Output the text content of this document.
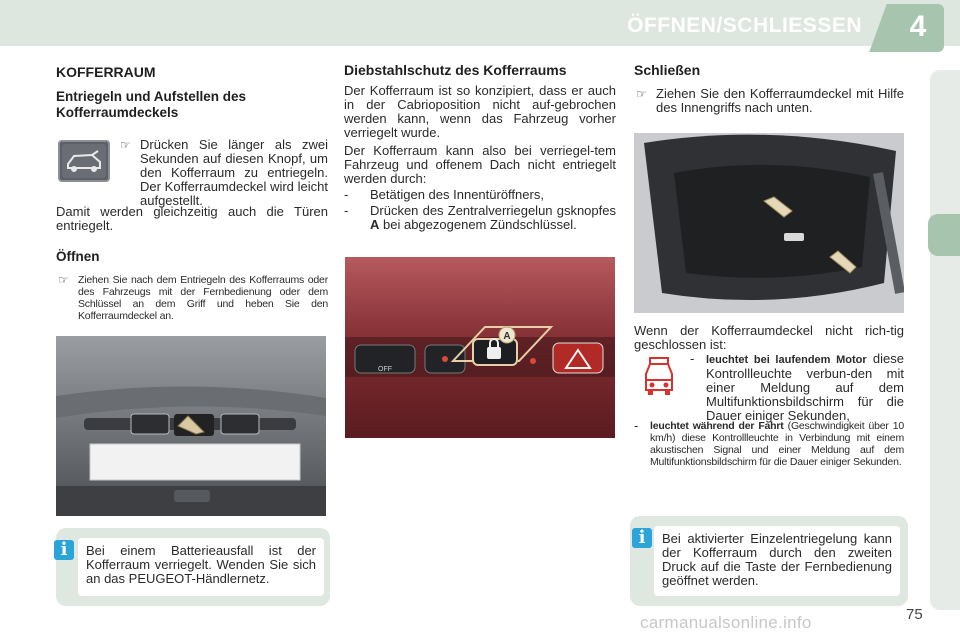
ÖFFNEN/SCHLIESSEN	4
KOFFERRAUM
Entriegeln und Aufstellen des Kofferraumdeckels

☞ Drücken Sie länger als zwei Sekunden auf diesen Knopf, um den Kofferraum zu entriegeln. Der Kofferraumdeckel wird leicht aufgestellt.

Damit werden gleichzeitig auch die Türen entriegelt.

Öffnen

☞ Ziehen Sie nach dem Entriegeln des Kofferraums oder des Fahrzeugs mit der Fernbedienung oder dem Schlüssel an dem Griff und heben Sie den Kofferraumdeckel an.

i	Bei einem Batterieausfall ist der Kofferraum verriegelt. Wenden Sie sich an das PEUGEOT-Händlernetz.
Diebstahlschutz des Kofferraums

Der Kofferraum ist so konzipiert, dass er auch in der Cabrioposition nicht auf-gebrochen werden kann, wenn das Fahrzeug vorher verriegelt wurde.

Der Kofferraum kann also bei verriegel-tem Fahrzeug und offenem Dach nicht entriegelt werden durch:

- Betätigen des Innentüröffners,

- Drücken des Zentralverriegelun gsknopfes A bei abgezogenem Zündschlüssel.

OFF
A
Schließen

☞ Ziehen Sie den Kofferraumdeckel mit Hilfe des Innengriffs nach unten.

Wenn der Kofferraumdeckel nicht rich-tig geschlossen ist:

- leuchtet bei laufendem Motor diese Kontrollleuchte verbun-den mit einer Meldung auf dem Multifunktionsbildschirm für die Dauer einiger Sekunden,

- leuchtet während der Fahrt (Geschwindigkeit über 10 km/h) diese Kontrollleuchte in Verbindung mit einem akustischen Signal und einer Meldung auf dem Multifunktionsbildschirm für die Dauer einiger Sekunden.

i	Bei aktivierter Einzelentriegelung kann der Kofferraum durch den zweiten Druck auf die Taste der Fernbedienung geöffnet werden.
75
carmanualsonline.info
